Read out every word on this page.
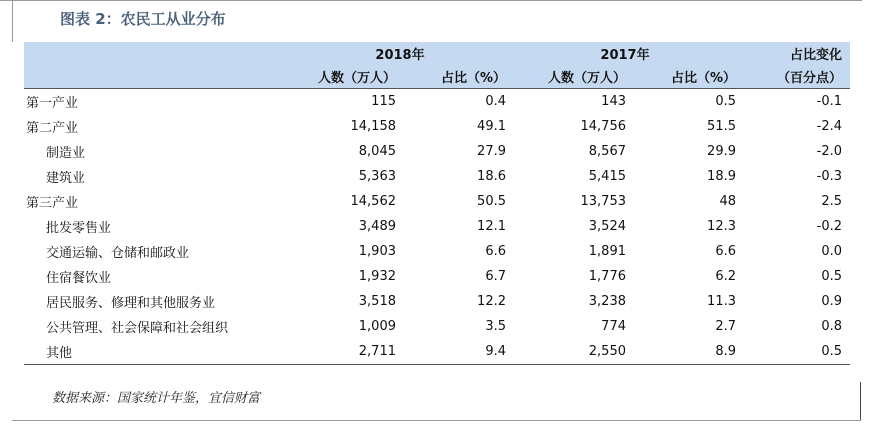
图表 2：农民工从业分布
	2018年		2017年		占比变化
	人数（万人）	占比（%）	人数（万人）	占比（%）	（百分点）
第一产业	115	0.4	143	0.5	-0.1
第二产业	14,158	49.1	14,756	51.5	-2.4
制造业	8,045	27.9	8,567	29.9	-2.0
建筑业	5,363	18.6	5,415	18.9	-0.3
第三产业	14,562	50.5	13,753	48	2.5
批发零售业	3,489	12.1	3,524	12.3	-0.2
交通运输、仓储和邮政业	1,903	6.6	1,891	6.6	0.0
住宿餐饮业	1,932	6.7	1,776	6.2	0.5
居民服务、修理和其他服务业	3,518	12.2	3,238	11.3	0.9
公共管理、社会保障和社会组织	1,009	3.5	774	2.7	0.8
其他	2,711	9.4	2,550	8.9	0.5
数据来源：国家统计年鉴，宜信财富
